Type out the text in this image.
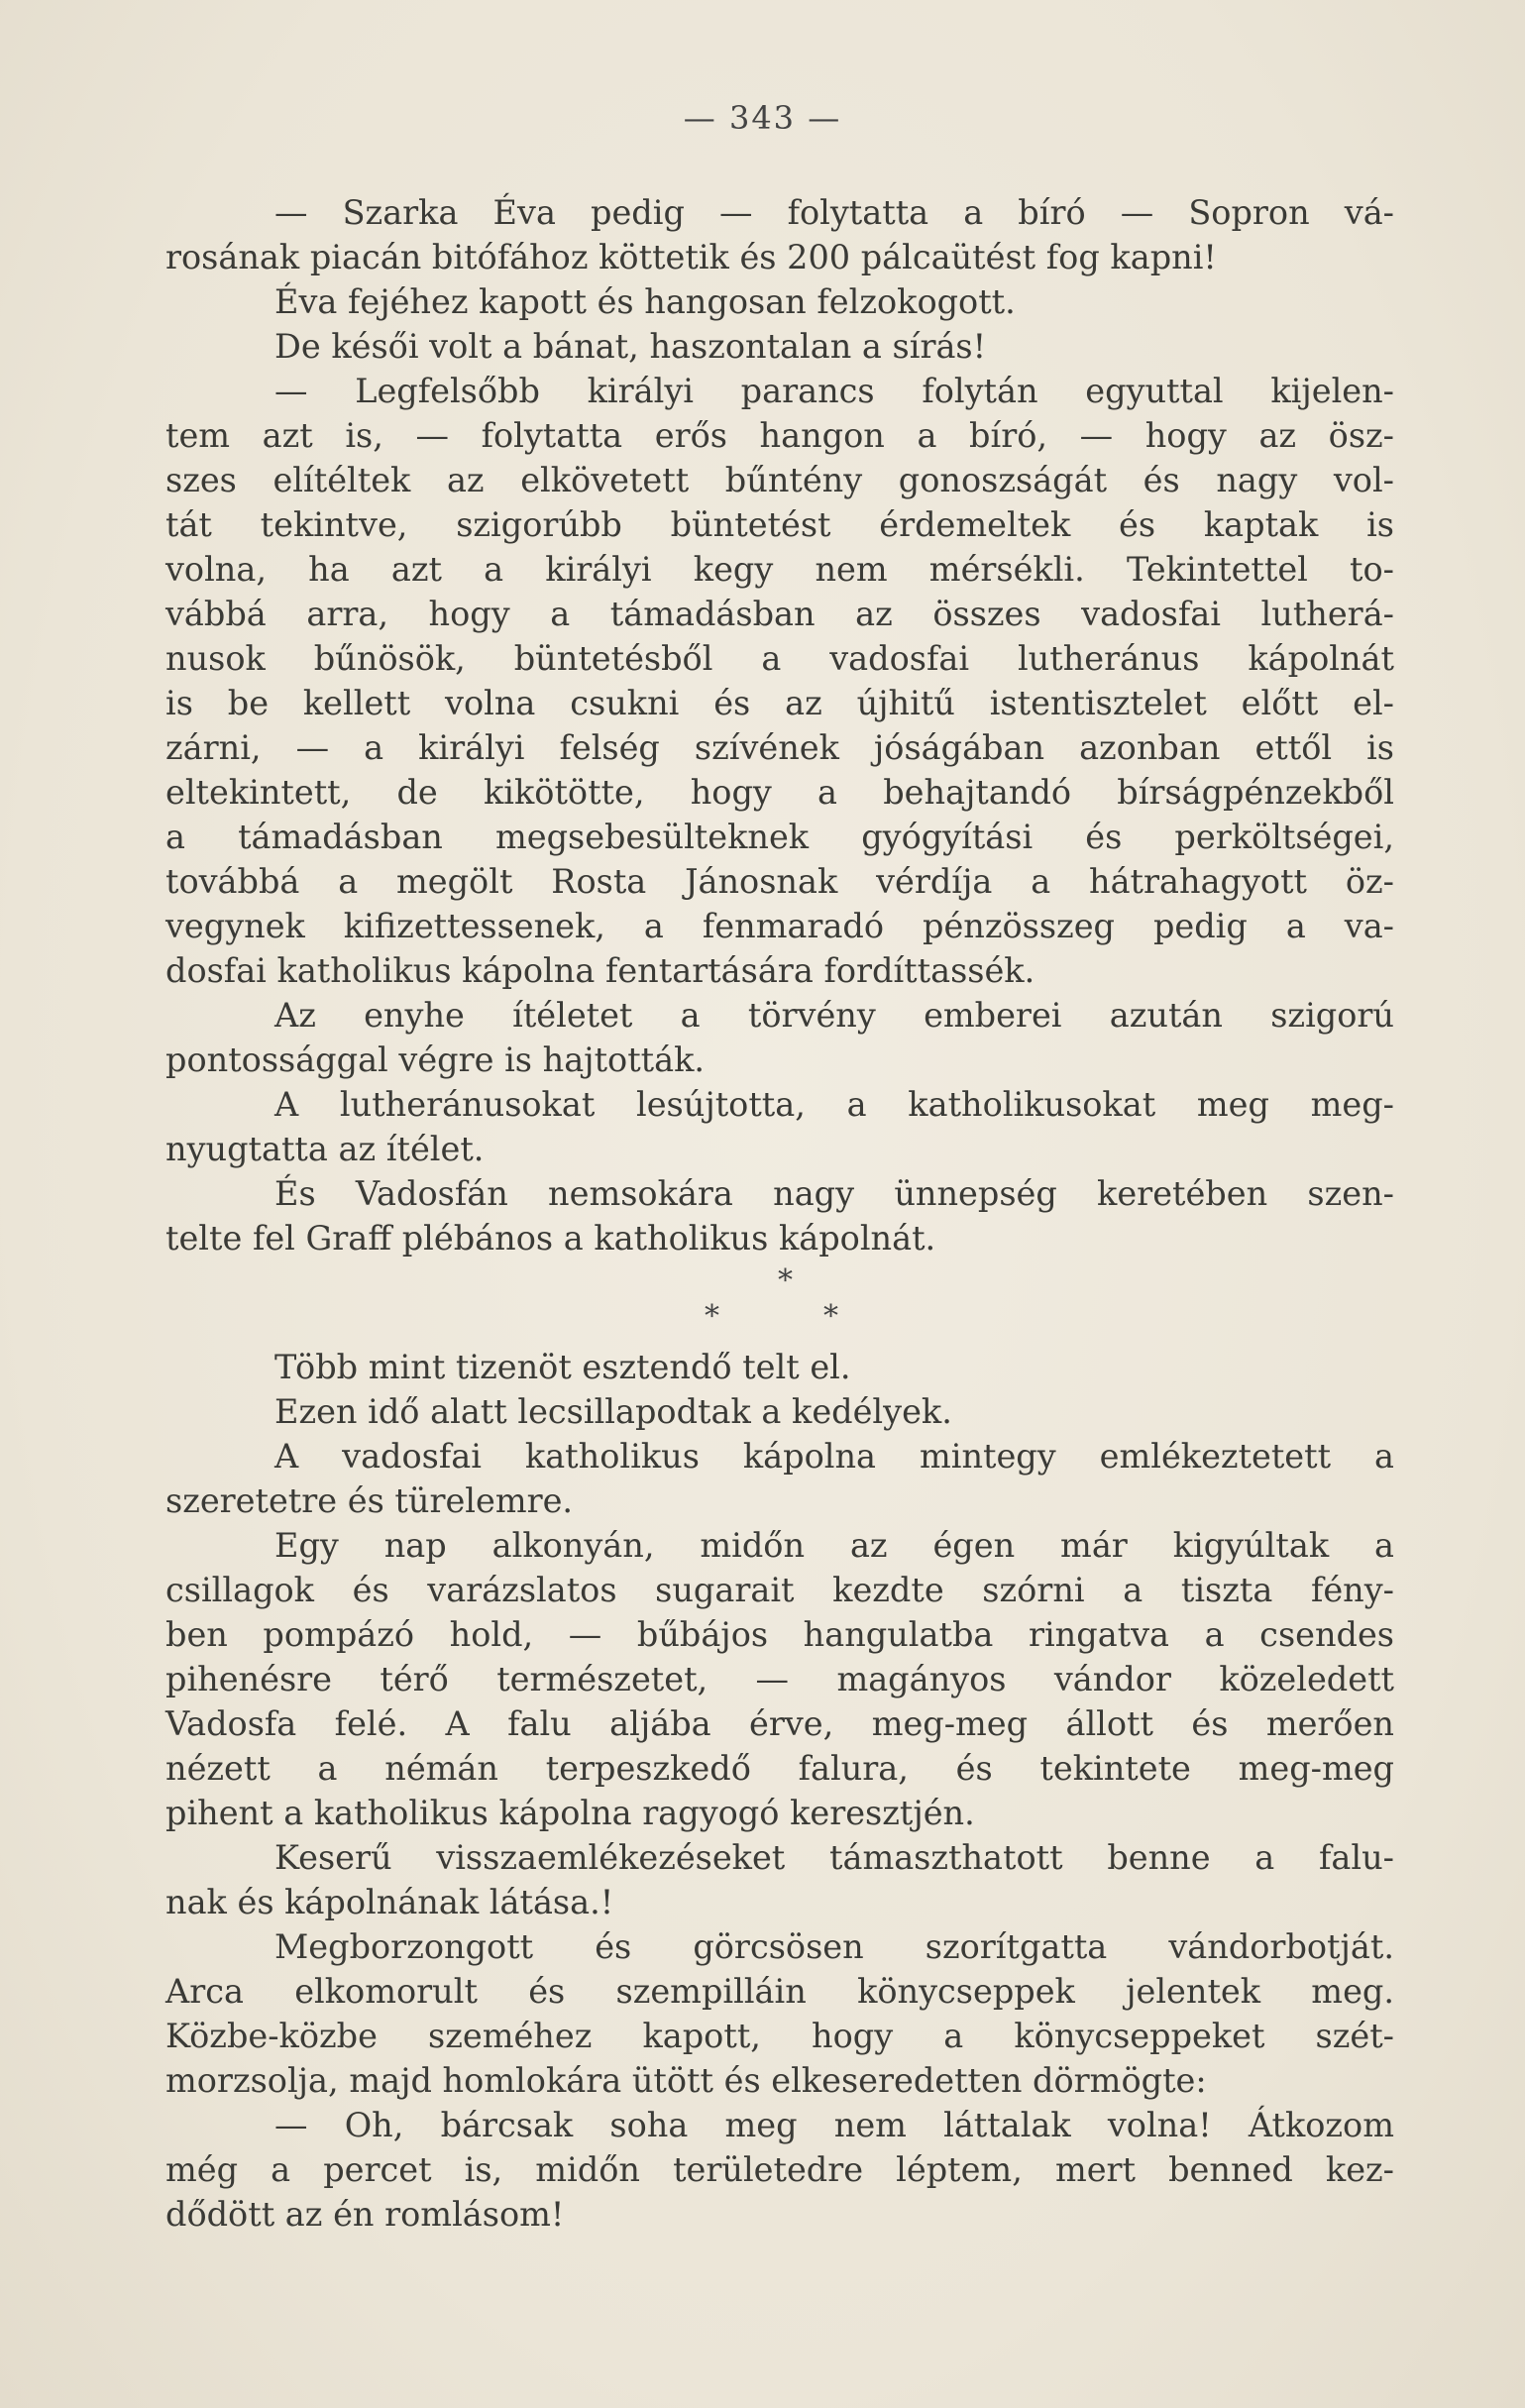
— 343 —
— Szarka Éva pedig — folytatta a bíró — Sopron vá-
rosának piacán bitófához köttetik és 200 pálcaütést fog kapni!
Éva fejéhez kapott és hangosan felzokogott.
De késői volt a bánat, haszontalan a sírás!
— Legfelsőbb királyi parancs folytán egyuttal kijelen-
tem azt is, — folytatta erős hangon a bíró, — hogy az ösz-
szes elítéltek az elkövetett bűntény gonoszságát és nagy vol-
tát tekintve, szigorúbb büntetést érdemeltek és kaptak is
volna, ha azt a királyi kegy nem mérsékli. Tekintettel to-
vábbá arra, hogy a támadásban az összes vadosfai lutherá-
nusok bűnösök, büntetésből a vadosfai lutheránus kápolnát
is be kellett volna csukni és az újhitű istentisztelet előtt el-
zárni, — a királyi felség szívének jóságában azonban ettől is
eltekintett, de kikötötte, hogy a behajtandó bírságpénzekből
a támadásban megsebesülteknek gyógyítási és perköltségei,
továbbá a megölt Rosta Jánosnak vérdíja a hátrahagyott öz-
vegynek kifizettessenek, a fenmaradó pénzösszeg pedig a va-
dosfai katholikus kápolna fentartására fordíttassék.
Az enyhe ítéletet a törvény emberei azután szigorú
pontossággal végre is hajtották.
A lutheránusokat lesújtotta, a katholikusokat meg meg-
nyugtatta az ítélet.
És Vadosfán nemsokára nagy ünnepség keretében szen-
telte fel Graff plébános a katholikus kápolnát.
*
*	*
Több mint tizenöt esztendő telt el.
Ezen idő alatt lecsillapodtak a kedélyek.
A vadosfai katholikus kápolna mintegy emlékeztetett a
szeretetre és türelemre.
Egy nap alkonyán, midőn az égen már kigyúltak a
csillagok és varázslatos sugarait kezdte szórni a tiszta fény-
ben pompázó hold, — bűbájos hangulatba ringatva a csendes
pihenésre térő természetet, — magányos vándor közeledett
Vadosfa felé. A falu aljába érve, meg-meg állott és merően
nézett a némán terpeszkedő falura, és tekintete meg-meg
pihent a katholikus kápolna ragyogó keresztjén.
Keserű visszaemlékezéseket támaszthatott benne a falu-
nak és kápolnának látása.!
Megborzongott és görcsösen szorítgatta vándorbotját.
Arca elkomorult és szempilláin könycseppek jelentek meg.
Közbe-közbe szeméhez kapott, hogy a könycseppeket szét-
morzsolja, majd homlokára ütött és elkeseredetten dörmögte:
— Oh, bárcsak soha meg nem láttalak volna! Átkozom
még a percet is, midőn területedre léptem, mert benned kez-
dődött az én romlásom!
